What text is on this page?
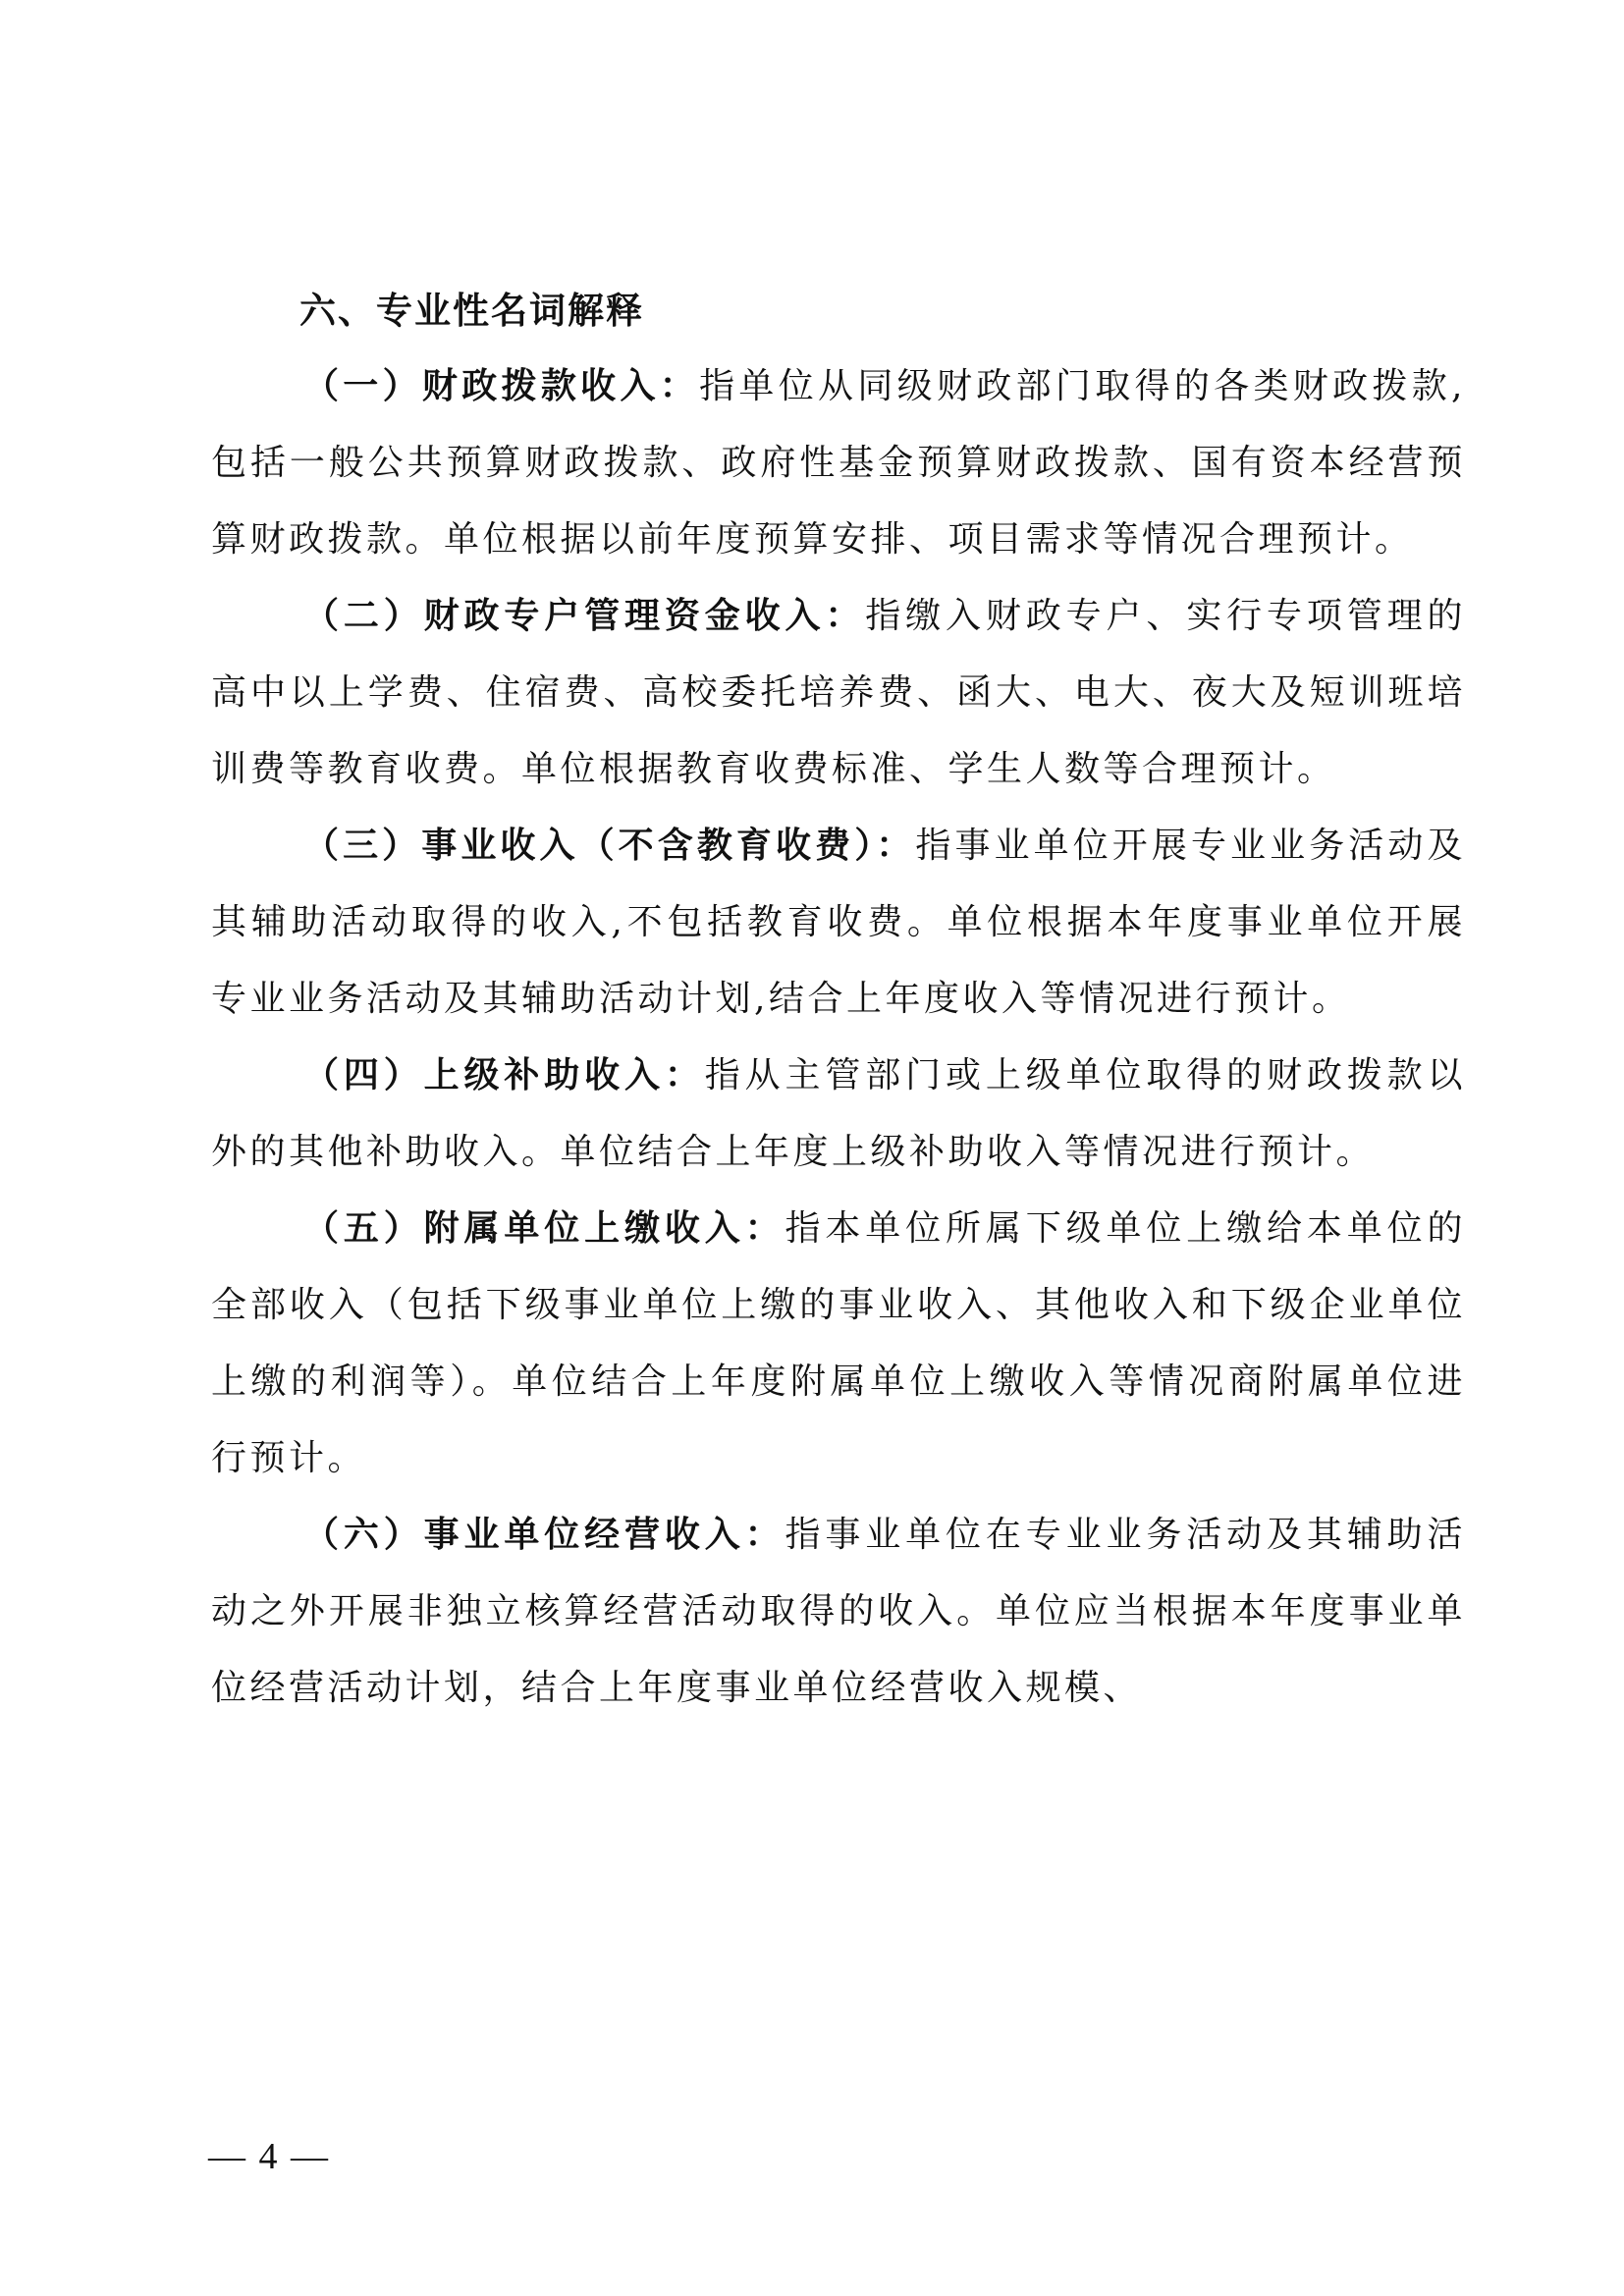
六、专业性名词解释

（一）财政拨款收入：指单位从同级财政部门取得的各类财政拨款,包括一般公共预算财政拨款、政府性基金预算财政拨款、国有资本经营预算财政拨款。单位根据以前年度预算安排、项目需求等情况合理预计。

（二）财政专户管理资金收入：指缴入财政专户、实行专项管理的高中以上学费、住宿费、高校委托培养费、函大、电大、夜大及短训班培训费等教育收费。单位根据教育收费标准、学生人数等合理预计。

（三）事业收入（不含教育收费）：指事业单位开展专业业务活动及其辅助活动取得的收入,不包括教育收费。单位根据本年度事业单位开展专业业务活动及其辅助活动计划,结合上年度收入等情况进行预计。

（四）上级补助收入：指从主管部门或上级单位取得的财政拨款以外的其他补助收入。单位结合上年度上级补助收入等情况进行预计。

（五）附属单位上缴收入：指本单位所属下级单位上缴给本单位的全部收入（包括下级事业单位上缴的事业收入、其他收入和下级企业单位上缴的利润等）。单位结合上年度附属单位上缴收入等情况商附属单位进行预计。

（六）事业单位经营收入：指事业单位在专业业务活动及其辅助活动之外开展非独立核算经营活动取得的收入。单位应当根据本年度事业单位经营活动计划，结合上年度事业单位经营收入规模、

— 4 —
